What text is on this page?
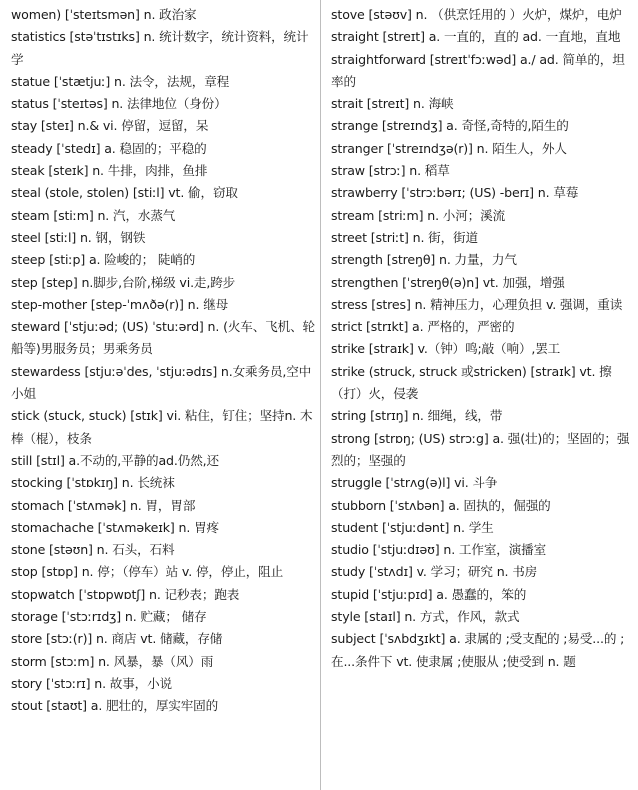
women) [ˈsteɪtsmən] n. 政治家
statistics [stəˈtɪstɪks] n. 统计数字，统计资料，统计学
statue [ˈstætjuː] n. 法令，法规，章程
status [ˈsteɪtəs] n. 法律地位（身份）
stay [steɪ] n.& vi. 停留，逗留，呆
steady [ˈstedɪ] a. 稳固的；平稳的
steak [steɪk] n. 牛排，肉排，鱼排
steal (stole, stolen) [stiːl] vt. 偷，窃取
steam [stiːm] n. 汽，水蒸气
steel [stiːl] n. 钢，钢铁
steep [stiːp] a. 险峻的； 陡峭的
step [step] n.脚步,台阶,梯级 vi.走,跨步
step-mother [step-ˈmʌðə(r)] n. 继母
steward [ˈstjuːəd; (US) ˈstuːərd] n. (火车、飞机、轮船等)男服务员；男乘务员
stewardess [stjuːəˈdes, ˈstjuːədɪs] n.女乘务员,空中小姐
stick (stuck, stuck) [stɪk] vi. 粘住，钉住；坚持n. 木棒（棍），枝条
still [stɪl] a.不动的,平静的ad.仍然,还
stocking [ˈstɒkɪŋ] n. 长统袜
stomach [ˈstʌmək] n. 胃，胃部
stomachache [ˈstʌməkeɪk] n. 胃疼
stone [stəʊn] n. 石头，石料
stop [stɒp] n. 停；（停车）站 v. 停，停止，阻止
stopwatch [ˈstɒpwɒtʃ] n. 记秒表；跑表
storage [ˈstɔːrɪdʒ] n. 贮藏； 储存
store [stɔː(r)] n. 商店 vt. 储藏，存储
storm [stɔːm] n. 风暴，暴（风）雨
story [ˈstɔːrɪ] n. 故事，小说
stout [staʊt] a. 肥壮的，厚实牢固的
stove [stəʊv] n. （供烹饪用的 ）火炉，煤炉，电炉
straight [streɪt] a. 一直的，直的 ad. 一直地，直地
straightforward [streɪtˈfɔːwəd] a./ ad. 简单的，坦率的
strait [streɪt] n. 海峡
strange [streɪndʒ] a. 奇怪,奇特的,陌生的
stranger [ˈstreɪndʒə(r)] n. 陌生人，外人
straw [strɔː] n. 稻草
strawberry [ˈstrɔːbərɪ; (US) -berɪ] n. 草莓
stream [striːm] n. 小河；溪流
street [striːt] n. 街，街道
strength [streŋθ] n. 力量，力气
strengthen [ˈstreŋθ(ə)n] vt. 加强，增强
stress [stres] n. 精神压力，心理负担 v. 强调，重读
strict [strɪkt] a. 严格的，严密的
strike [straɪk] v.（钟）鸣;敲（响）,罢工
strike (struck, struck 或stricken) [straɪk] vt. 擦（打）火，侵袭
string [strɪŋ] n. 细绳，线，带
strong [strɒŋ; (US) strɔːg] a. 强(壮)的；坚固的；强烈的；坚强的
struggle [ˈstrʌg(ə)l] vi. 斗争
stubborn [ˈstʌbən] a. 固执的，倔强的
student [ˈstjuːdənt] n. 学生
studio [ˈstjuːdɪəʊ] n. 工作室，演播室
study [ˈstʌdɪ] v. 学习；研究 n. 书房
stupid [ˈstjuːpɪd] a. 愚蠢的，笨的
style [staɪl] n. 方式，作风，款式
subject [ˈsʌbdʒɪkt] a. 隶属的 ;受支配的 ;易受...的 ;在...条件下 vt. 使隶属 ;使服从 ;使受到 n. 题
